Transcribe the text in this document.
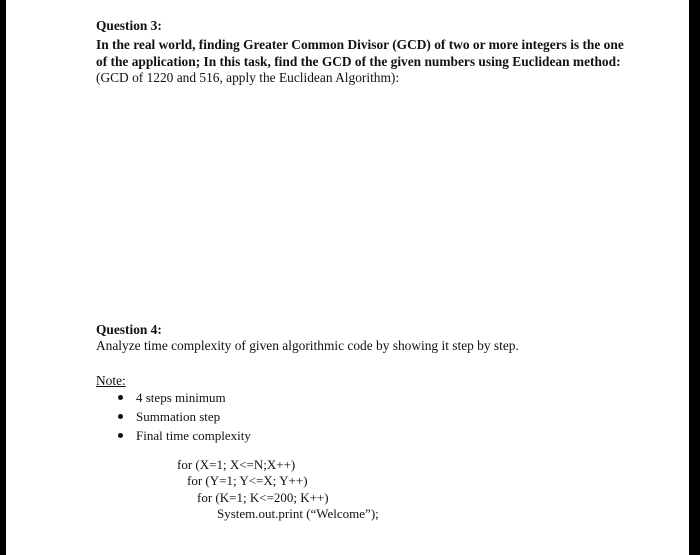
Question 3:
In the real world, finding Greater Common Divisor (GCD) of two or more integers is the one of the application; In this task, find the GCD of the given numbers using Euclidean method: (GCD of 1220 and 516, apply the Euclidean Algorithm):
Question 4:
Analyze time complexity of given algorithmic code by showing it step by step.
Note:
4 steps minimum
Summation step
Final time complexity
for (X=1; X<=N;X++)
for (Y=1; Y<=X; Y++)
for (K=1; K<=200; K++)
System.out.print (“Welcome”);
